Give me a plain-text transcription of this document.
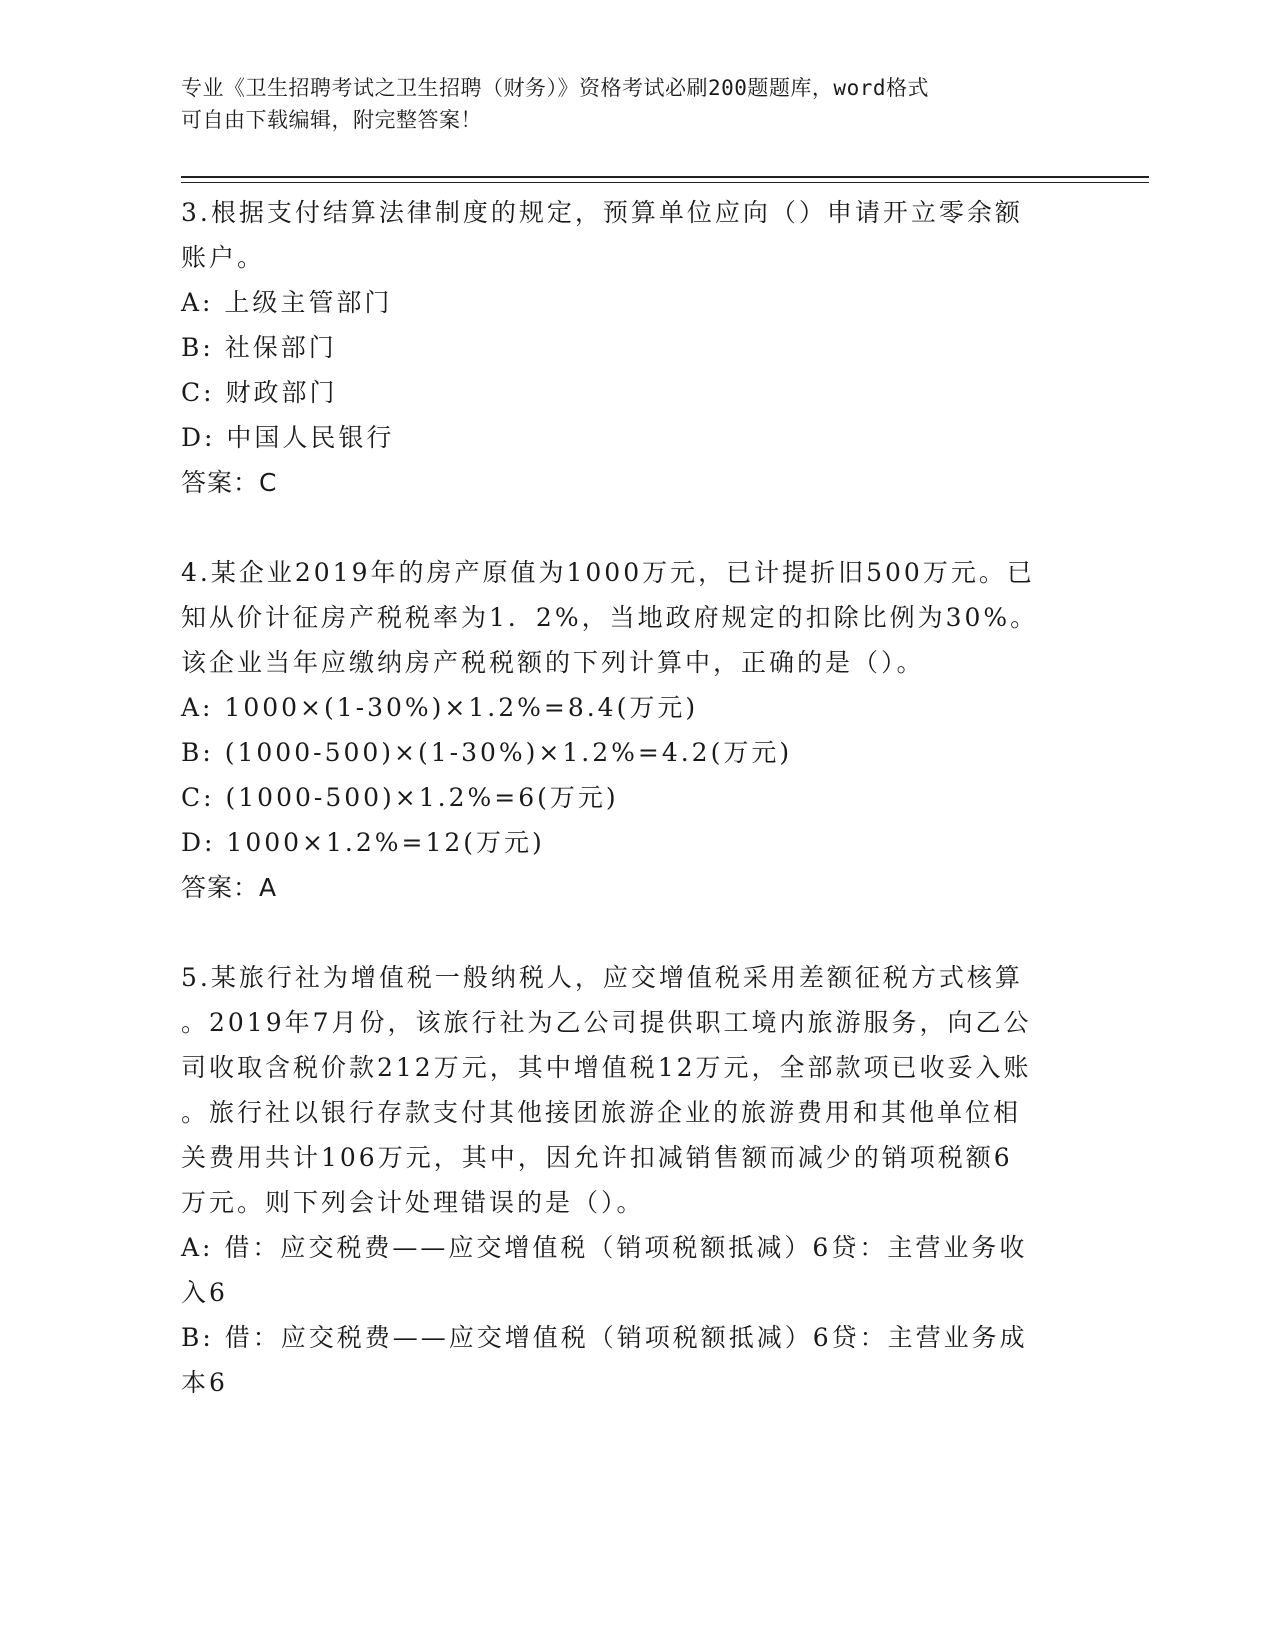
专业《卫生招聘考试之卫生招聘（财务）》资格考试必刷200题题库，word格式
可自由下载编辑，附完整答案！
3.根据支付结算法律制度的规定，预算单位应向（）申请开立零余额
账户。
A: 上级主管部门
B: 社保部门
C: 财政部门
D: 中国人民银行
答案：C
4.某企业2019年的房产原值为1000万元，已计提折旧500万元。已
知从价计征房产税税率为1．2%，当地政府规定的扣除比例为30%。
该企业当年应缴纳房产税税额的下列计算中，正确的是（）。
A: 1000×(1-30%)×1.2%=8.4(万元)
B: (1000-500)×(1-30%)×1.2%=4.2(万元)
C: (1000-500)×1.2%=6(万元)
D: 1000×1.2%=12(万元)
答案：A
5.某旅行社为增值税一般纳税人，应交增值税采用差额征税方式核算
。2019年7月份，该旅行社为乙公司提供职工境内旅游服务，向乙公
司收取含税价款212万元，其中增值税12万元，全部款项已收妥入账
。旅行社以银行存款支付其他接团旅游企业的旅游费用和其他单位相
关费用共计106万元，其中，因允许扣减销售额而减少的销项税额6
万元。则下列会计处理错误的是（）。
A: 借：应交税费——应交增值税（销项税额抵减）6贷：主营业务收
入6
B: 借：应交税费——应交增值税（销项税额抵减）6贷：主营业务成
本6
